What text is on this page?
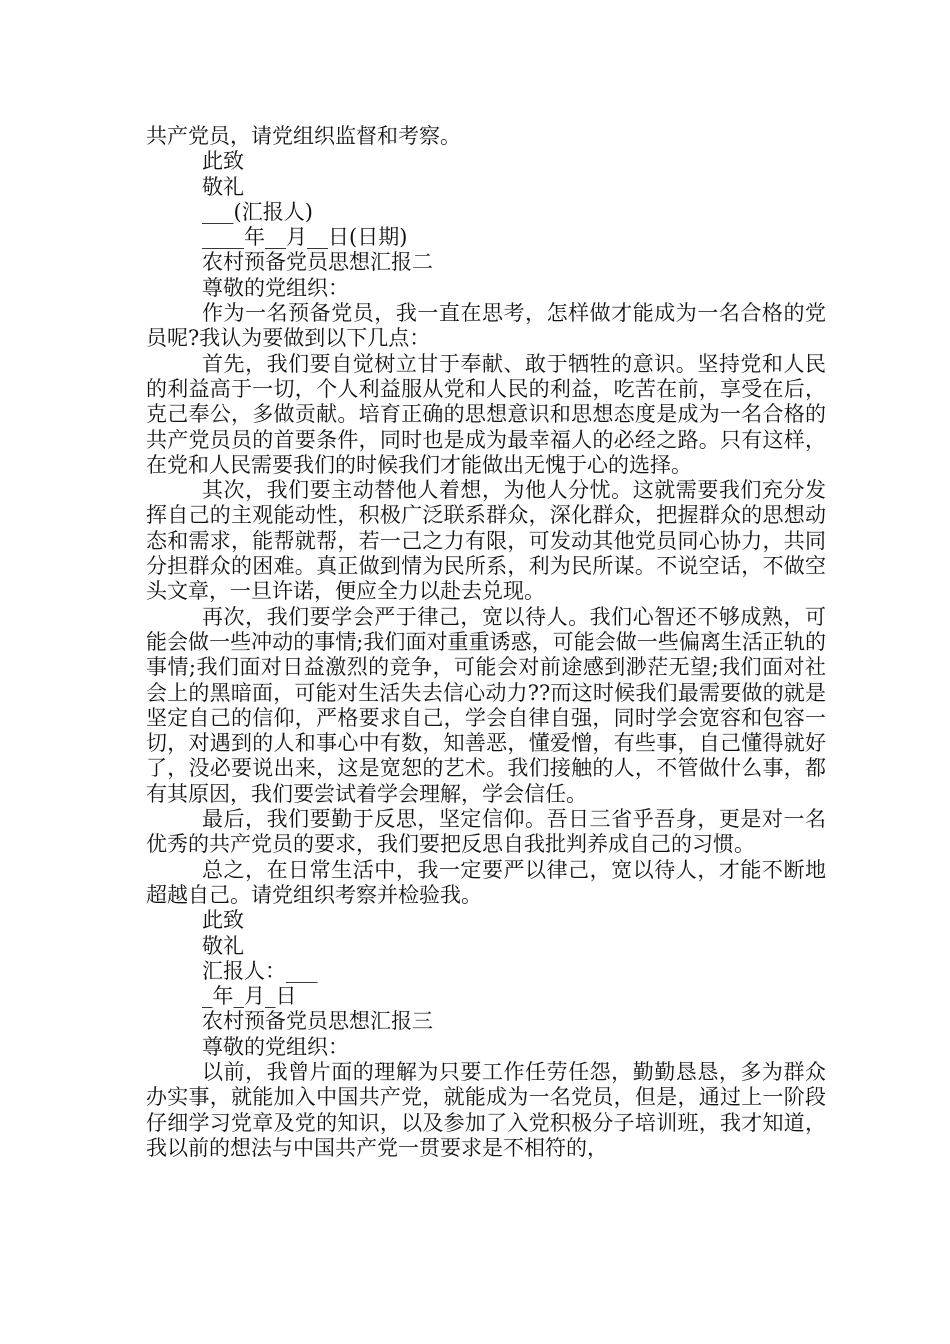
共产党员，请党组织监督和考察。
此致
敬礼
___(汇报人)
____年__月__日(日期)
农村预备党员思想汇报二
尊敬的党组织：

作为一名预备党员，我一直在思考，怎样做才能成为一名合格的党员呢?我认为要做到以下几点：

首先，我们要自觉树立甘于奉献、敢于牺牲的意识。坚持党和人民的利益高于一切，个人利益服从党和人民的利益，吃苦在前，享受在后，克己奉公，多做贡献。培育正确的思想意识和思想态度是成为一名合格的共产党员员的首要条件，同时也是成为最幸福人的必经之路。只有这样，在党和人民需要我们的时候我们才能做出无愧于心的选择。

其次，我们要主动替他人着想，为他人分忧。这就需要我们充分发挥自己的主观能动性，积极广泛联系群众，深化群众，把握群众的思想动态和需求，能帮就帮，若一己之力有限，可发动其他党员同心协力，共同分担群众的困难。真正做到情为民所系，利为民所谋。不说空话，不做空头文章，一旦许诺，便应全力以赴去兑现。

再次，我们要学会严于律己，宽以待人。我们心智还不够成熟，可能会做一些冲动的事情;我们面对重重诱惑，可能会做一些偏离生活正轨的事情;我们面对日益激烈的竞争，可能会对前途感到渺茫无望;我们面对社会上的黑暗面，可能对生活失去信心动力??而这时候我们最需要做的就是坚定自己的信仰，严格要求自己，学会自律自强，同时学会宽容和包容一切，对遇到的人和事心中有数，知善恶，懂爱憎，有些事，自己懂得就好了，没必要说出来，这是宽恕的艺术。我们接触的人，不管做什么事，都有其原因，我们要尝试着学会理解，学会信任。

最后，我们要勤于反思，坚定信仰。吾日三省乎吾身，更是对一名优秀的共产党员的要求，我们要把反思自我批判养成自己的习惯。

总之，在日常生活中，我一定要严以律己，宽以待人，才能不断地超越自己。请党组织考察并检验我。

此致
敬礼
汇报人：___
_年_月_日
农村预备党员思想汇报三
尊敬的党组织：

以前，我曾片面的理解为只要工作任劳任怨，勤勤恳恳，多为群众办实事，就能加入中国共产党，就能成为一名党员，但是，通过上一阶段仔细学习党章及党的知识，以及参加了入党积极分子培训班，我才知道，我以前的想法与中国共产党一贯要求是不相符的，
